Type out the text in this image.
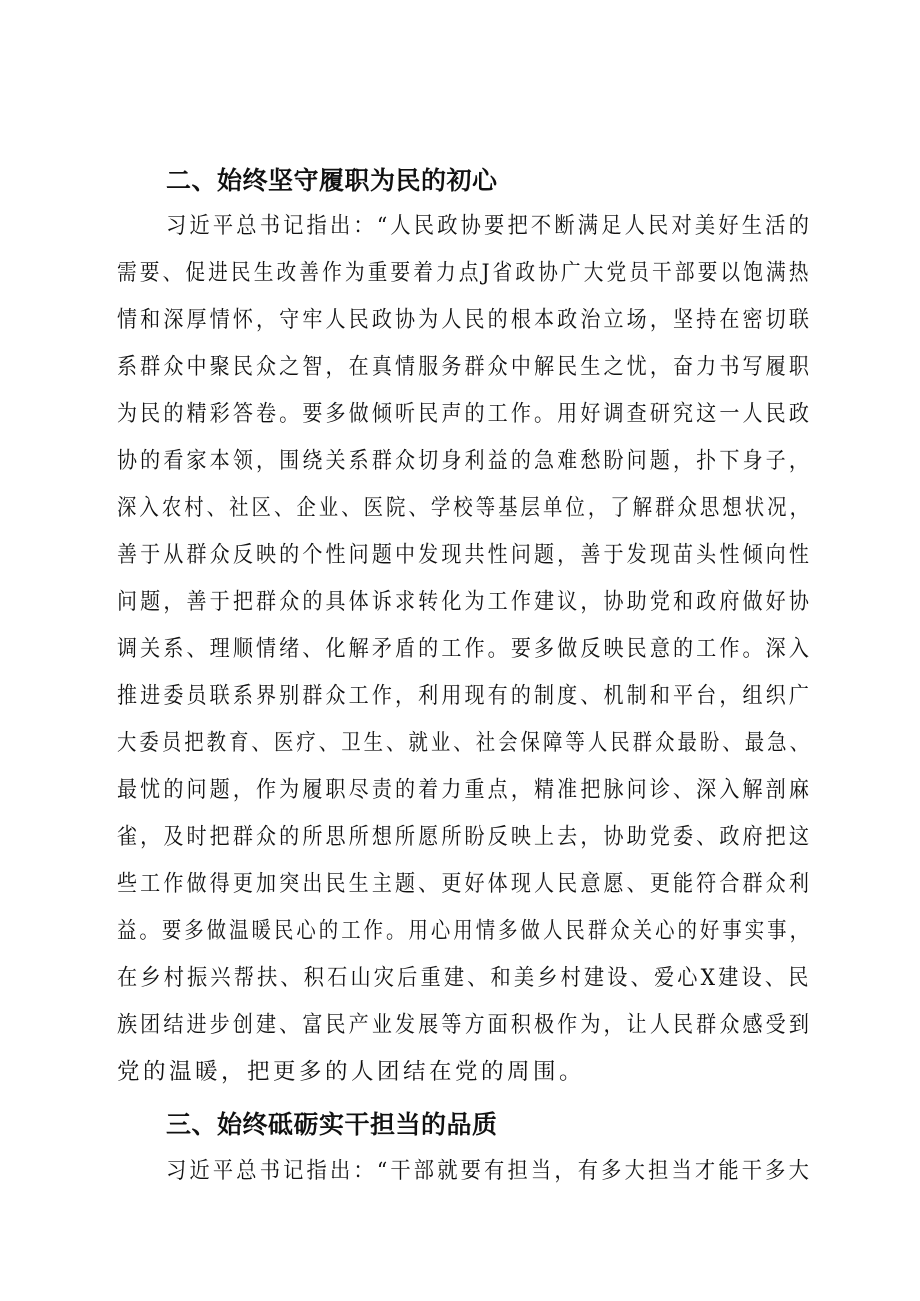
二、始终坚守履职为民的初心
习近平总书记指出：“人民政协要把不断满足人民对美好生活的
需要、促进民生改善作为重要着力点J省政协广大党员干部要以饱满热
情和深厚情怀，守牢人民政协为人民的根本政治立场，坚持在密切联
系群众中聚民众之智，在真情服务群众中解民生之忧，奋力书写履职
为民的精彩答卷。要多做倾听民声的工作。用好调查研究这一人民政
协的看家本领，围绕关系群众切身利益的急难愁盼问题，扑下身子，
深入农村、社区、企业、医院、学校等基层单位，了解群众思想状况，
善于从群众反映的个性问题中发现共性问题，善于发现苗头性倾向性
问题，善于把群众的具体诉求转化为工作建议，协助党和政府做好协
调关系、理顺情绪、化解矛盾的工作。要多做反映民意的工作。深入
推进委员联系界别群众工作，利用现有的制度、机制和平台，组织广
大委员把教育、医疗、卫生、就业、社会保障等人民群众最盼、最急、
最忧的问题，作为履职尽责的着力重点，精准把脉问诊、深入解剖麻
雀，及时把群众的所思所想所愿所盼反映上去，协助党委、政府把这
些工作做得更加突出民生主题、更好体现人民意愿、更能符合群众利
益。要多做温暖民心的工作。用心用情多做人民群众关心的好事实事，
在乡村振兴帮扶、积石山灾后重建、和美乡村建设、爱心X建设、民
族团结进步创建、富民产业发展等方面积极作为，让人民群众感受到
党的温暖，把更多的人团结在党的周围。
三、始终砥砺实干担当的品质
习近平总书记指出：“干部就要有担当，有多大担当才能干多大
